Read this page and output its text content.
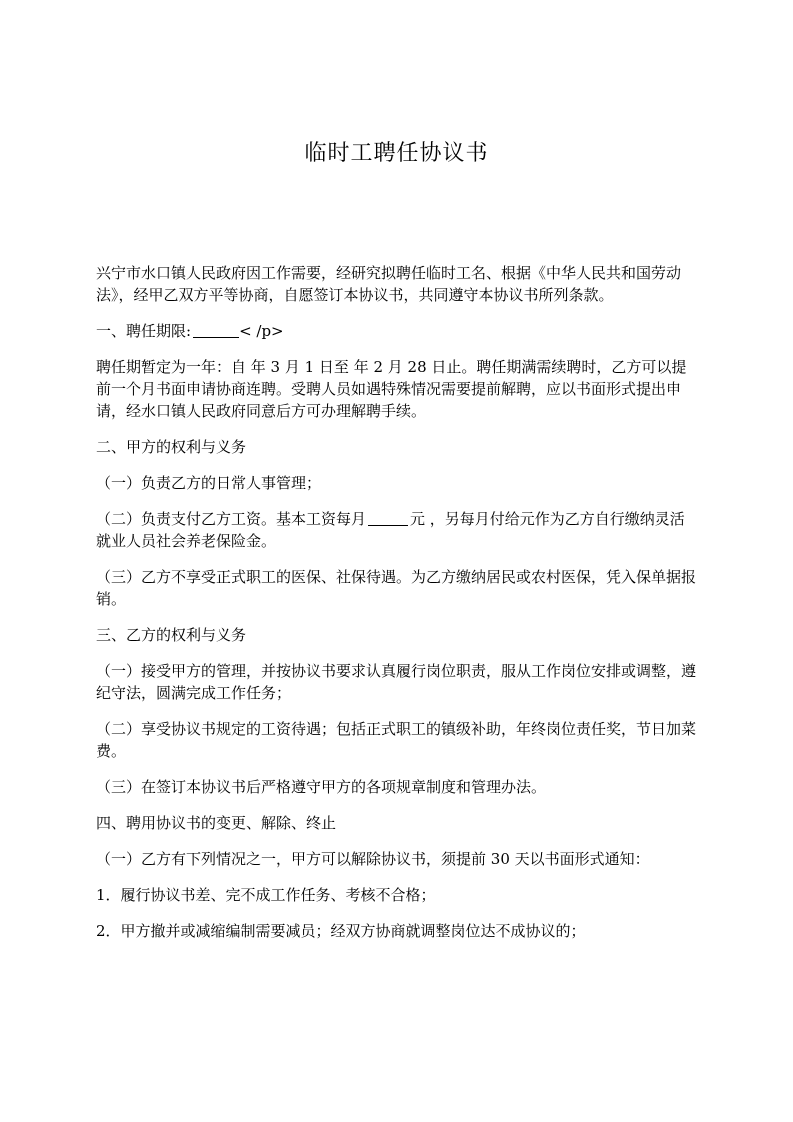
临时工聘任协议书

兴宁市水口镇人民政府因工作需要，经研究拟聘任临时工名、根据《中华人民共和国劳动法》，经甲乙双方平等协商，自愿签订本协议书，共同遵守本协议书所列条款。

一、聘任期限:	< /p>

聘任期暂定为一年：自 年 3 月 1 日至 年 2 月 28 日止。聘任期满需续聘时，乙方可以提前一个月书面申请协商连聘。受聘人员如遇特殊情况需要提前解聘，应以书面形式提出申请，经水口镇人民政府同意后方可办理解聘手续。

二、甲方的权利与义务

（一）负责乙方的日常人事管理；

（二）负责支付乙方工资。基本工资每月	元 ，另每月付给元作为乙方自行缴纳灵活就业人员社会养老保险金。

（三）乙方不享受正式职工的医保、社保待遇。为乙方缴纳居民或农村医保，凭入保单据报销。

三、乙方的权利与义务

（一）接受甲方的管理，并按协议书要求认真履行岗位职责，服从工作岗位安排或调整，遵纪守法，圆满完成工作任务；

（二）享受协议书规定的工资待遇；包括正式职工的镇级补助，年终岗位责任奖，节日加菜费。

（三）在签订本协议书后严格遵守甲方的各项规章制度和管理办法。

四、聘用协议书的变更、解除、终止

（一）乙方有下列情况之一，甲方可以解除协议书，须提前 30 天以书面形式通知：

1．履行协议书差、完不成工作任务、考核不合格；

2．甲方撤并或减缩编制需要减员；经双方协商就调整岗位达不成协议的；
